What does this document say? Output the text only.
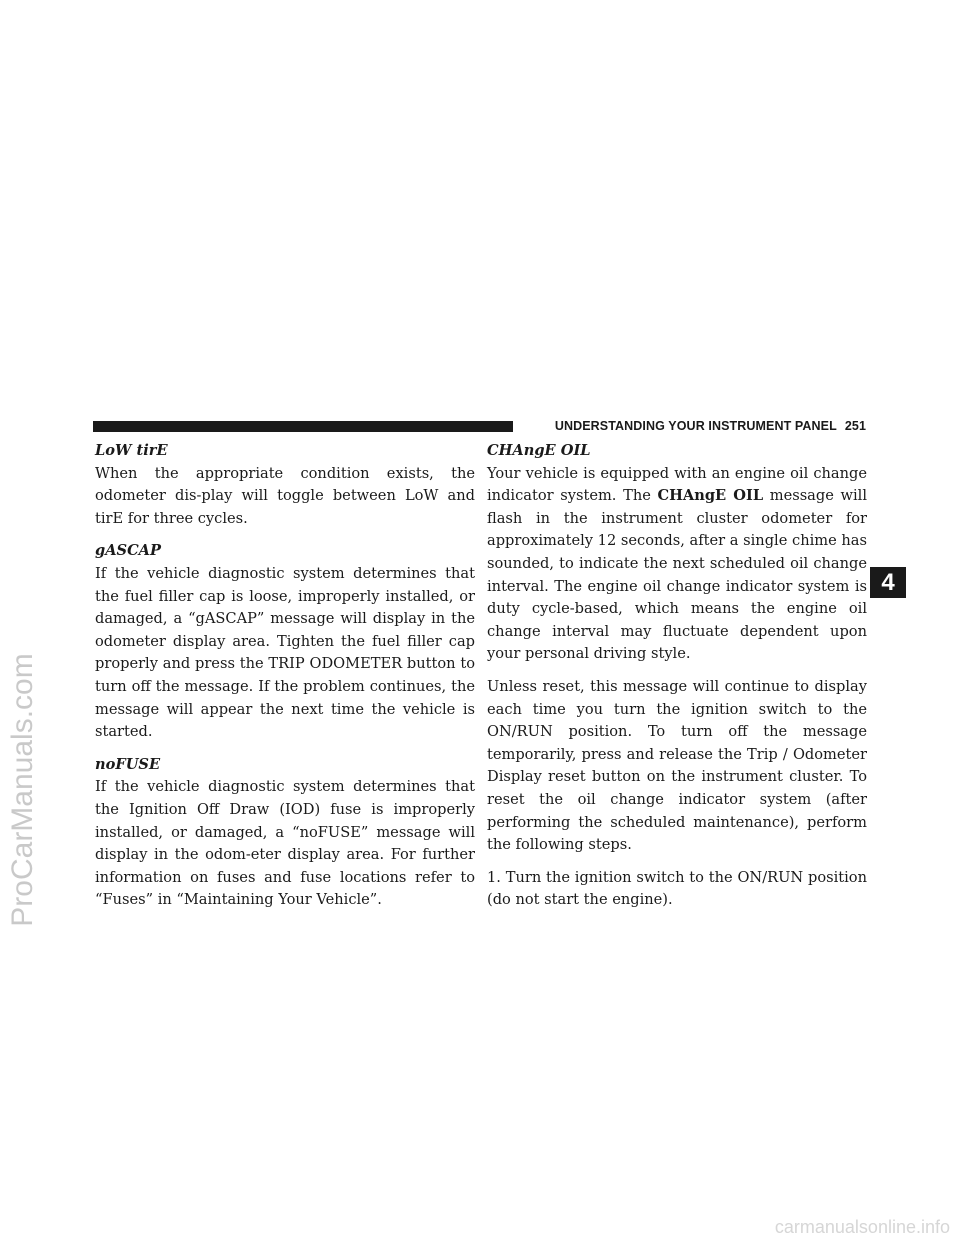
UNDERSTANDING YOUR INSTRUMENT PANEL 251

LoW tirE

When the appropriate condition exists, the odometer dis-play will toggle between LoW and tirE for three cycles.

gASCAP

If the vehicle diagnostic system determines that the fuel filler cap is loose, improperly installed, or damaged, a “gASCAP” message will display in the odometer display area. Tighten the fuel filler cap properly and press the TRIP ODOMETER button to turn off the message. If the problem continues, the message will appear the next time the vehicle is started.

noFUSE

If the vehicle diagnostic system determines that the Ignition Off Draw (IOD) fuse is improperly installed, or damaged, a “noFUSE” message will display in the odom-eter display area. For further information on fuses and fuse locations refer to “Fuses” in “Maintaining Your Vehicle”.

CHAngE OIL

Your vehicle is equipped with an engine oil change indicator system. The CHAngE OIL message will flash in the instrument cluster odometer for approximately 12 seconds, after a single chime has sounded, to indicate the next scheduled oil change interval. The engine oil change indicator system is duty cycle-based, which means the engine oil change interval may fluctuate dependent upon your personal driving style.

Unless reset, this message will continue to display each time you turn the ignition switch to the ON/RUN position. To turn off the message temporarily, press and release the Trip / Odometer Display reset button on the instrument cluster. To reset the oil change indicator system (after performing the scheduled maintenance), perform the following steps.

1. Turn the ignition switch to the ON/RUN position (do not start the engine).

4
ProCarManuals.com
carmanualsonline.info
